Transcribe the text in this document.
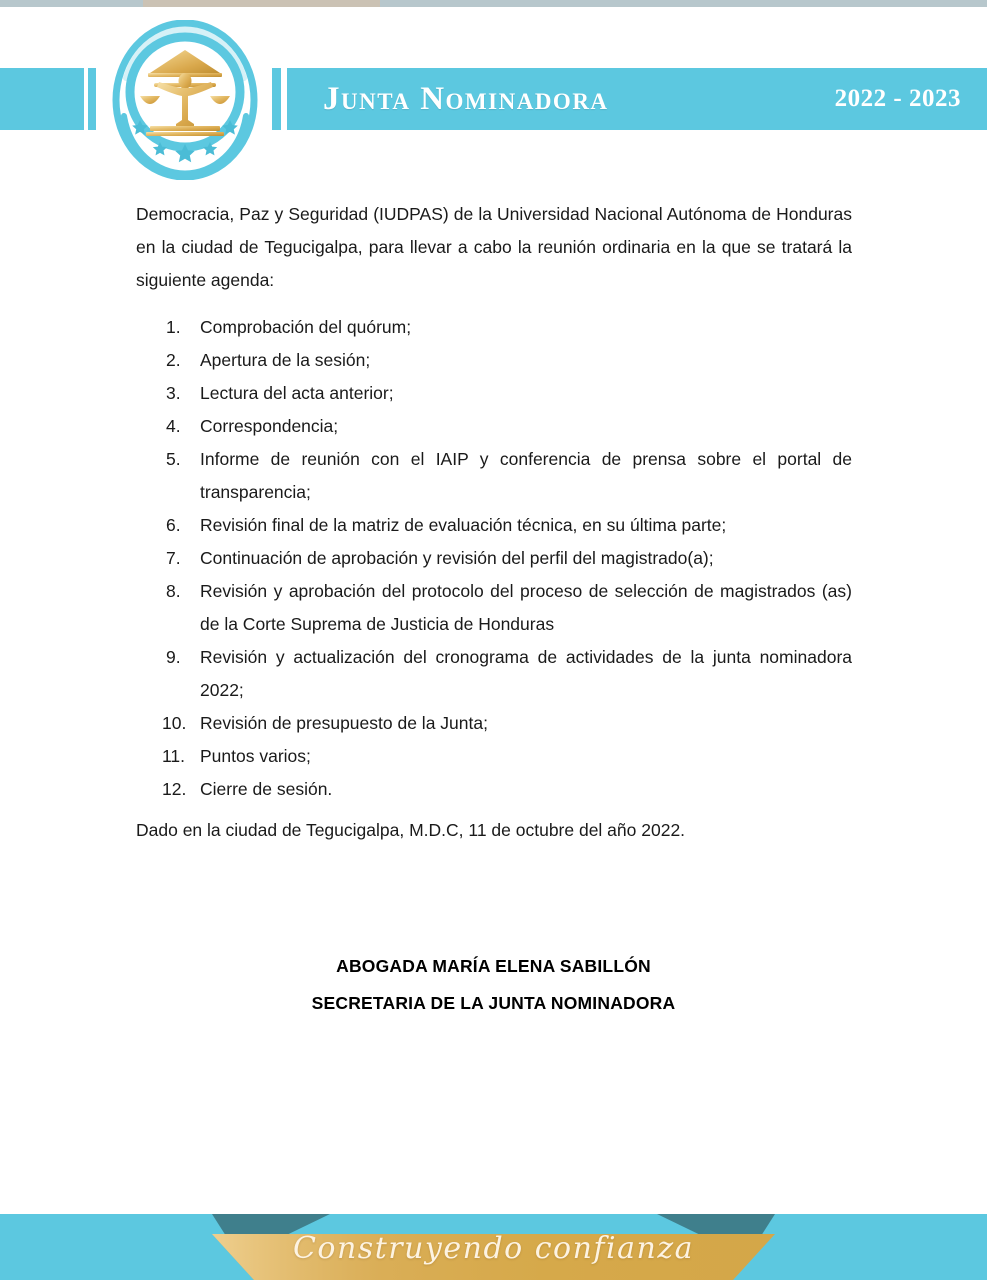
Junta Nominadora	2022 - 2023

Democracia, Paz y Seguridad (IUDPAS) de la Universidad Nacional Autónoma de Honduras en la ciudad de Tegucigalpa, para llevar a cabo la reunión ordinaria en la que se tratará la siguiente agenda:

Comprobación del quórum;
Apertura de la sesión;
Lectura del acta anterior;
Correspondencia;
Informe de reunión con el IAIP y conferencia de prensa sobre el portal de transparencia;
Revisión final de la matriz de evaluación técnica, en su última parte;
Continuación de aprobación y revisión del perfil del magistrado(a);
Revisión y aprobación del protocolo del proceso de selección de magistrados (as) de la Corte Suprema de Justicia de Honduras
Revisión y actualización del cronograma de actividades de la junta nominadora 2022;
Revisión de presupuesto de la Junta;
Puntos varios;
Cierre de sesión.

Dado en la ciudad de Tegucigalpa, M.D.C, 11 de octubre del año 2022.

ABOGADA MARÍA ELENA SABILLÓN
SECRETARIA DE LA JUNTA NOMINADORA
Construyendo confianza
